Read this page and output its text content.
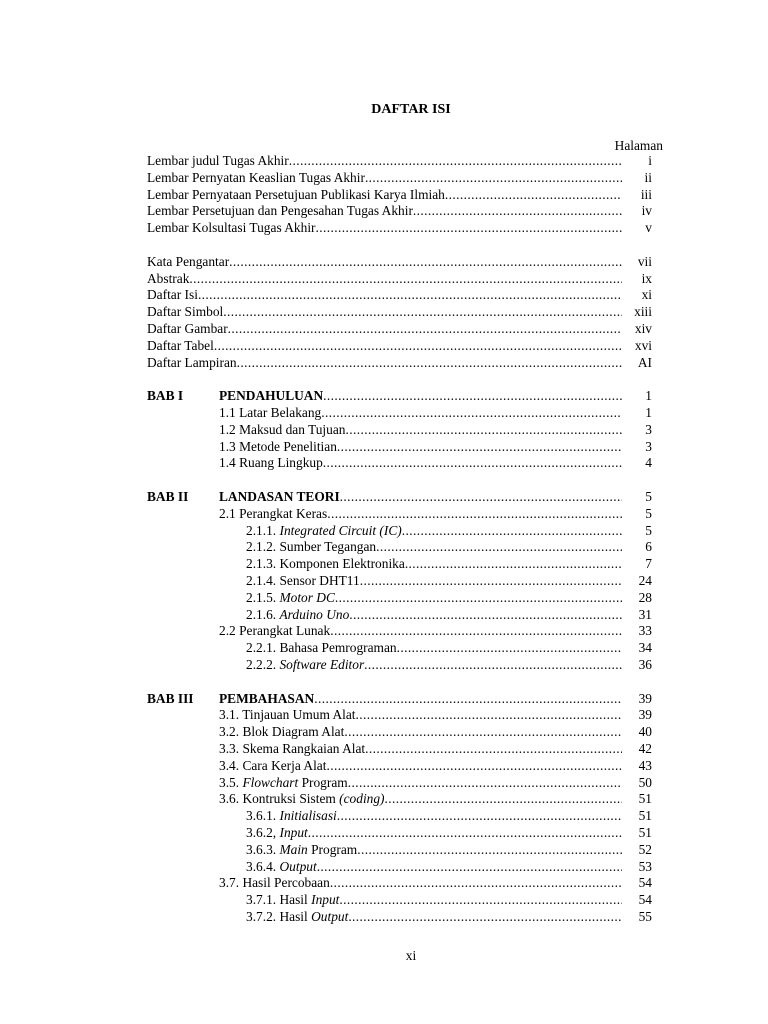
DAFTAR ISI
Halaman
Lembar judul Tugas Akhir .....	i
Lembar Pernyatan Keaslian Tugas Akhir .....	ii
Lembar Pernyataan Persetujuan Publikasi Karya Ilmiah .....	iii
Lembar Persetujuan dan Pengesahan Tugas Akhir .....	iv
Lembar Kolsultasi Tugas Akhir .....	v
Kata Pengantar .....	vii
Abstrak .....	ix
Daftar Isi .....	xi
Daftar Simbol .....	xiii
Daftar Gambar .....	xiv
Daftar Tabel .....	xvi
Daftar Lampiran .....	AI
BAB I	PENDAHULUAN .....	1
1.1 Latar Belakang .....	1
1.2 Maksud dan Tujuan .....	3
1.3 Metode Penelitian .....	3
1.4 Ruang Lingkup .....	4
BAB II LANDASAN TEORI .....	5
2.1 Perangkat Keras .....	5
2.1.1. Integrated Circuit (IC) .....	5
2.1.2. Sumber Tegangan .....	6
2.1.3. Komponen Elektronika .....	7
2.1.4. Sensor DHT11 .....	24
2.1.5. Motor DC .....	28
2.1.6. Arduino Uno .....	31
2.2 Perangkat Lunak .....	33
2.2.1. Bahasa Pemrograman .....	34
2.2.2. Software Editor .....	36
BAB III PEMBAHASAN .....	39
3.1. Tinjauan Umum Alat .....	39
3.2. Blok Diagram Alat .....	40
3.3. Skema Rangkaian Alat .....	42
3.4. Cara Kerja Alat .....	43
3.5. Flowchart Program .....	50
3.6. Kontruksi Sistem (coding) .....	51
3.6.1. Initialisasi .....	51
3.6.2, Input .....	51
3.6.3. Main Program .....	52
3.6.4. Output .....	53
3.7. Hasil Percobaan .....	54
3.7.1. Hasil Input .....	54
3.7.2. Hasil Output .....	55
xi
